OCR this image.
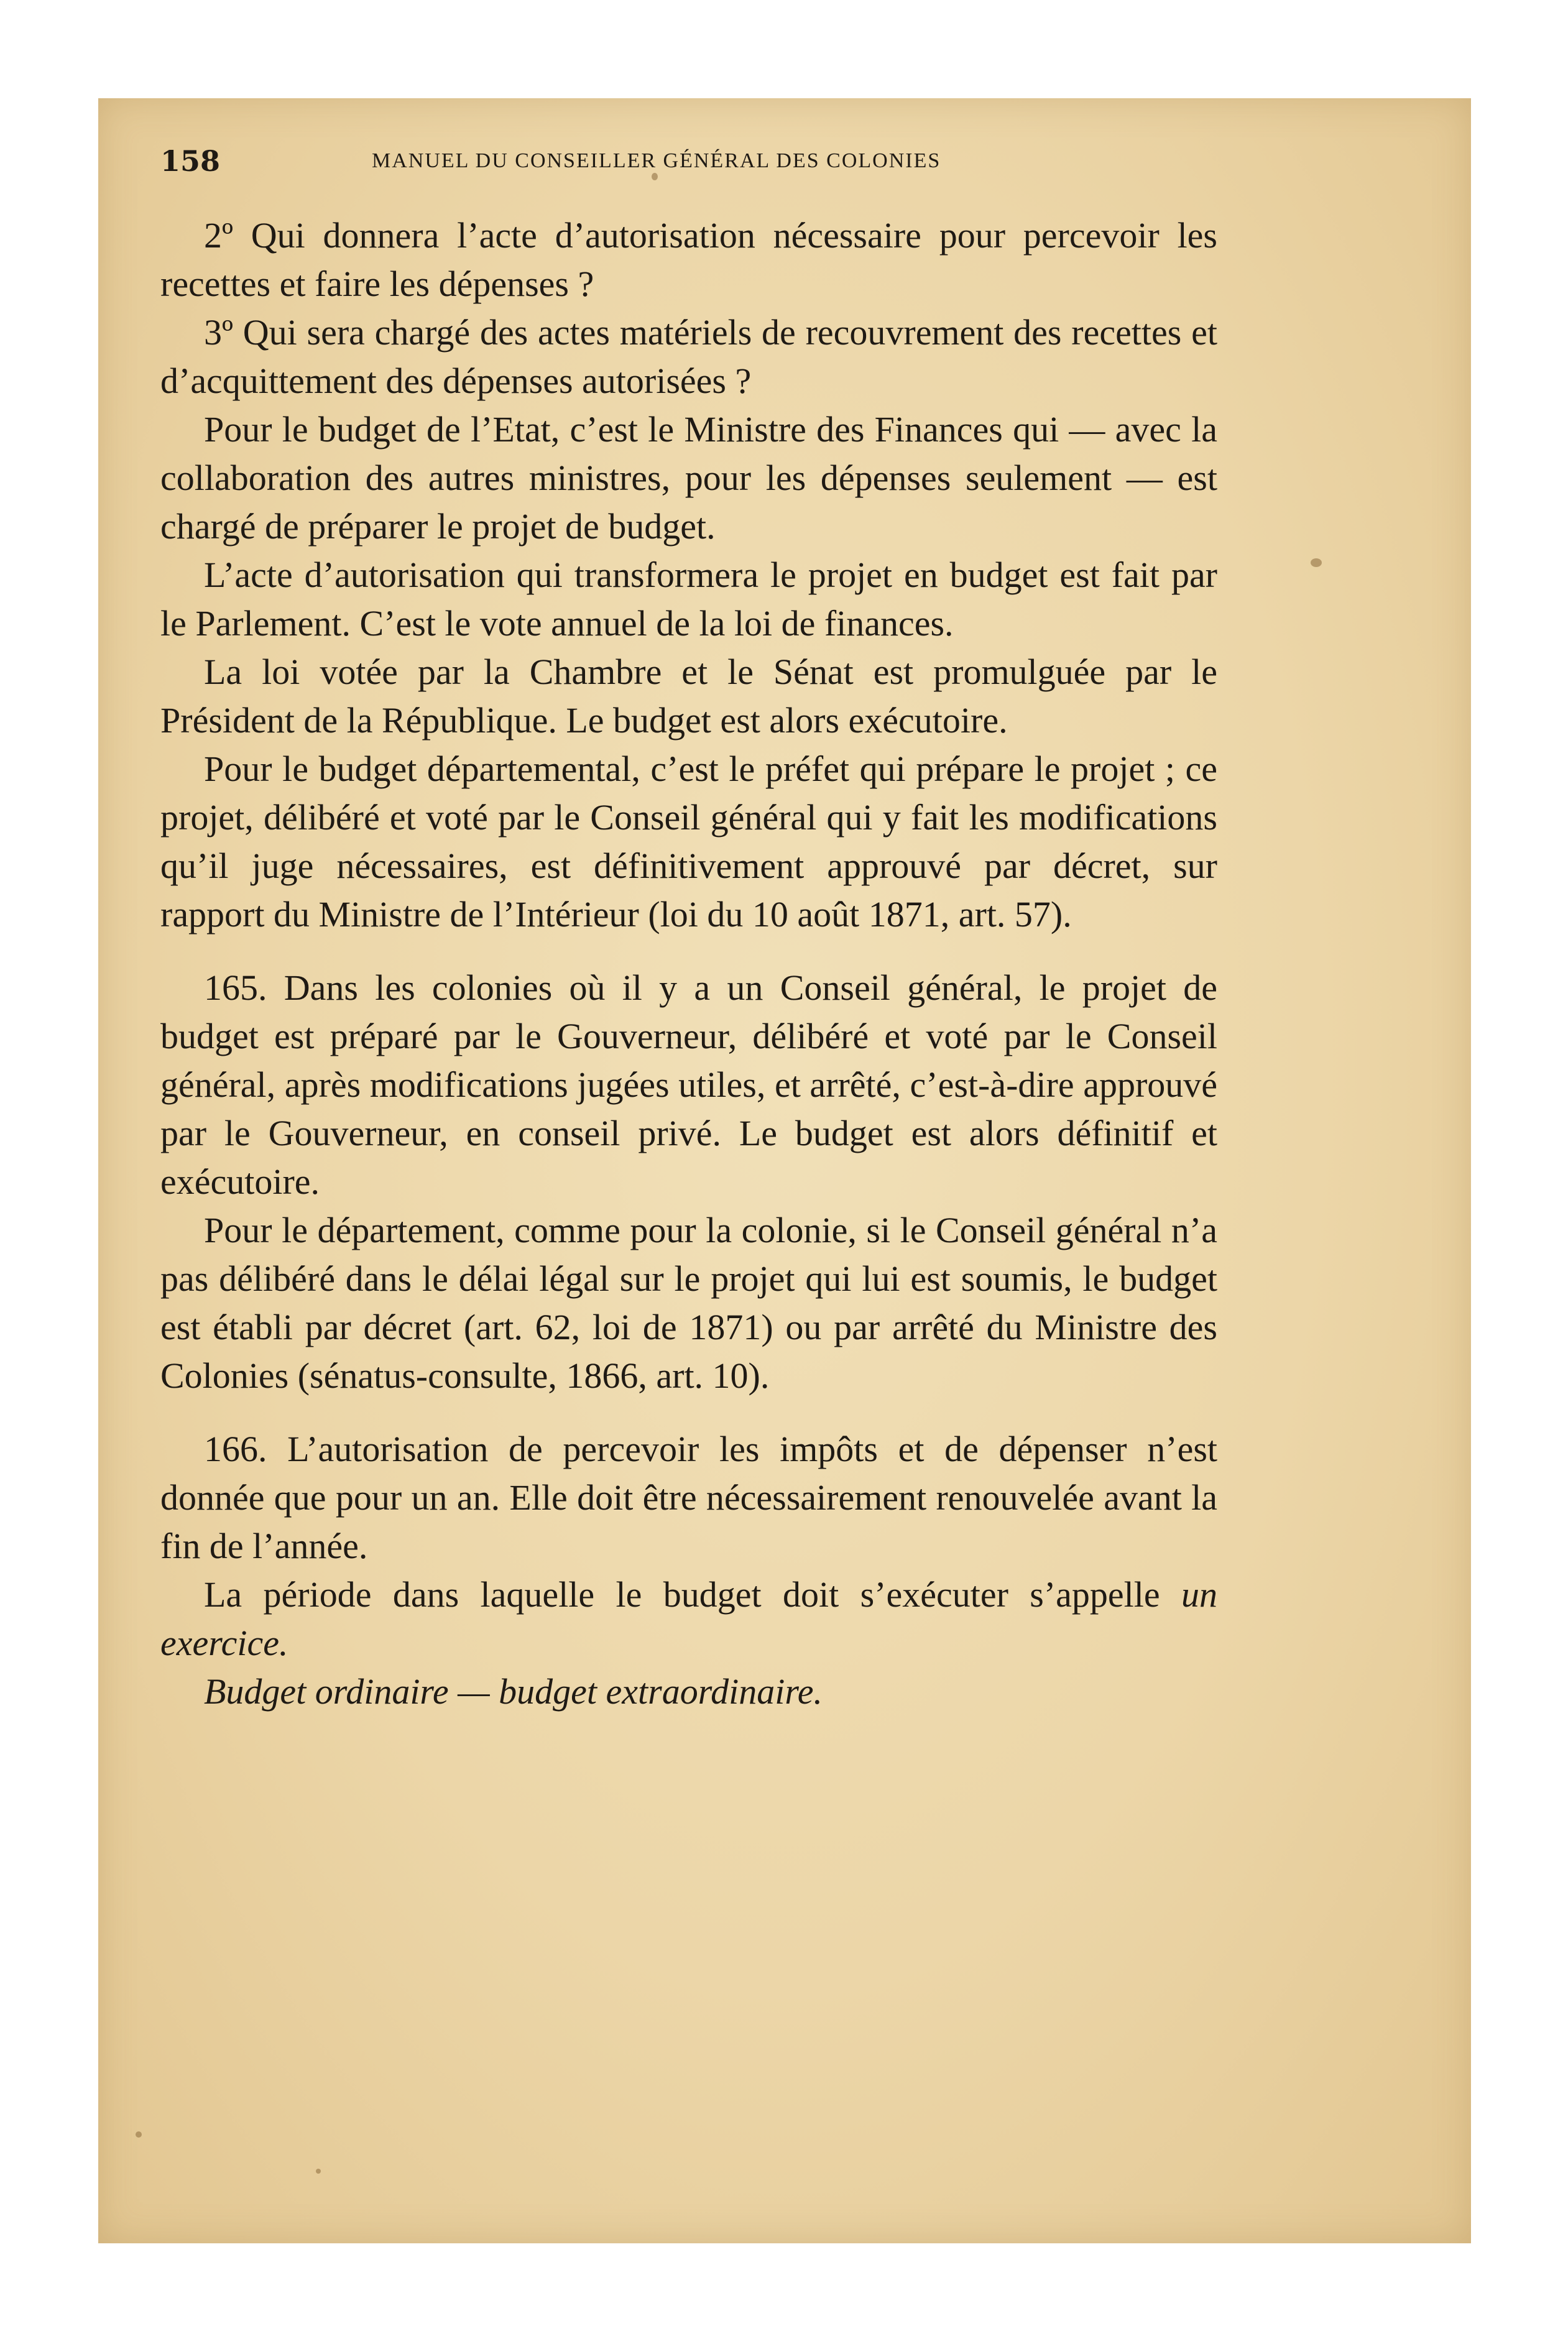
158	MANUEL DU CONSEILLER GÉNÉRAL DES COLONIES

2º Qui donnera l’acte d’autorisation nécessaire pour percevoir les recettes et faire les dépenses ?

3º Qui sera chargé des actes matériels de recouvrement des recettes et d’acquittement des dépenses autorisées ?

Pour le budget de l’Etat, c’est le Ministre des Finances qui — avec la collaboration des autres ministres, pour les dépenses seulement — est chargé de préparer le projet de budget.

L’acte d’autorisation qui transformera le projet en budget est fait par le Parlement. C’est le vote annuel de la loi de finances.

La loi votée par la Chambre et le Sénat est promulguée par le Président de la République. Le budget est alors exécutoire.

Pour le budget départemental, c’est le préfet qui prépare le projet ; ce projet, délibéré et voté par le Conseil général qui y fait les modifications qu’il juge nécessaires, est définitivement approuvé par décret, sur rapport du Ministre de l’Intérieur (loi du 10 août 1871, art. 57).

165. Dans les colonies où il y a un Conseil général, le projet de budget est préparé par le Gouverneur, délibéré et voté par le Conseil général, après modifications jugées utiles, et arrêté, c’est-à-dire approuvé par le Gouverneur, en conseil privé. Le budget est alors définitif et exécutoire.

Pour le département, comme pour la colonie, si le Conseil général n’a pas délibéré dans le délai légal sur le projet qui lui est soumis, le budget est établi par décret (art. 62, loi de 1871) ou par arrêté du Ministre des Colonies (sénatus-consulte, 1866, art. 10).

166. L’autorisation de percevoir les impôts et de dépenser n’est donnée que pour un an. Elle doit être nécessairement renouvelée avant la fin de l’année.

La période dans laquelle le budget doit s’exécuter s’appelle un exercice.

Budget ordinaire — budget extraordinaire.
